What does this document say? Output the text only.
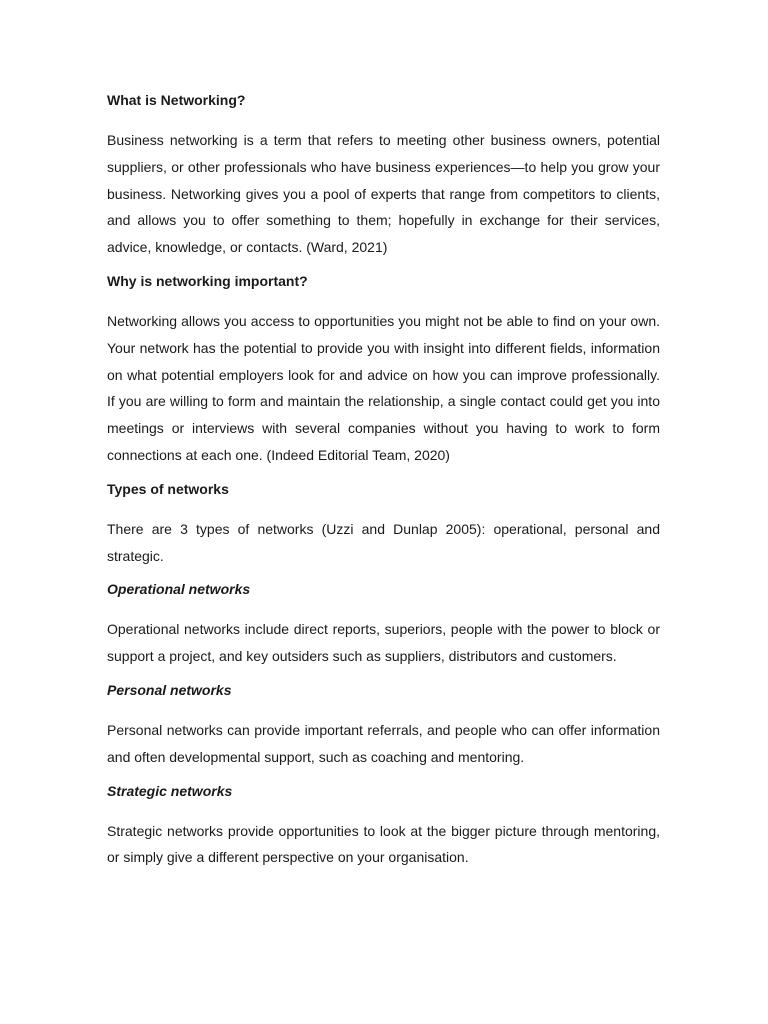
What is Networking?

Business networking is a term that refers to meeting other business owners, potential suppliers, or other professionals who have business experiences—to help you grow your business. Networking gives you a pool of experts that range from competitors to clients, and allows you to offer something to them; hopefully in exchange for their services, advice, knowledge, or contacts. (Ward, 2021)

Why is networking important?

Networking allows you access to opportunities you might not be able to find on your own. Your network has the potential to provide you with insight into different fields, information on what potential employers look for and advice on how you can improve professionally. If you are willing to form and maintain the relationship, a single contact could get you into meetings or interviews with several companies without you having to work to form connections at each one. (Indeed Editorial Team, 2020)

Types of networks

There are 3 types of networks (Uzzi and Dunlap 2005): operational, personal and strategic.

Operational networks

Operational networks include direct reports, superiors, people with the power to block or support a project, and key outsiders such as suppliers, distributors and customers.

Personal networks

Personal networks can provide important referrals, and people who can offer information and often developmental support, such as coaching and mentoring.

Strategic networks

Strategic networks provide opportunities to look at the bigger picture through mentoring, or simply give a different perspective on your organisation.
